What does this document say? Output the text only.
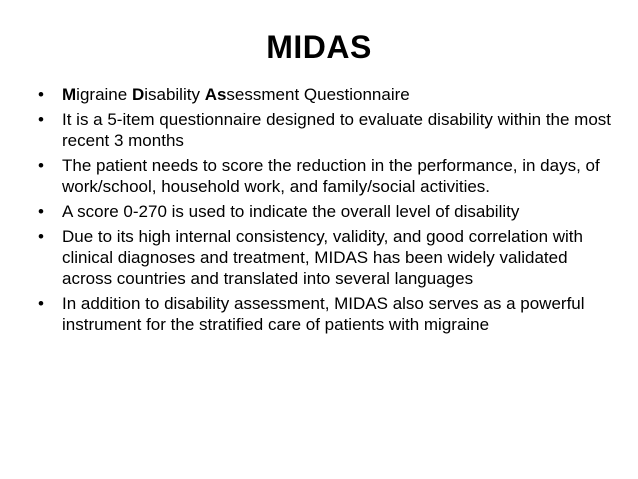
MIDAS
• Migraine Disability Assessment Questionnaire
• It is a 5-item questionnaire designed to evaluate disability within the most recent 3 months
• The patient needs to score the reduction in the performance, in days, of work/school, household work, and family/social activities.
• A score 0-270 is used to indicate the overall level of disability
• Due to its high internal consistency, validity, and good correlation with clinical diagnoses and treatment, MIDAS has been widely validated across countries and translated into several languages
• In addition to disability assessment, MIDAS also serves as a powerful instrument for the stratified care of patients with migraine
